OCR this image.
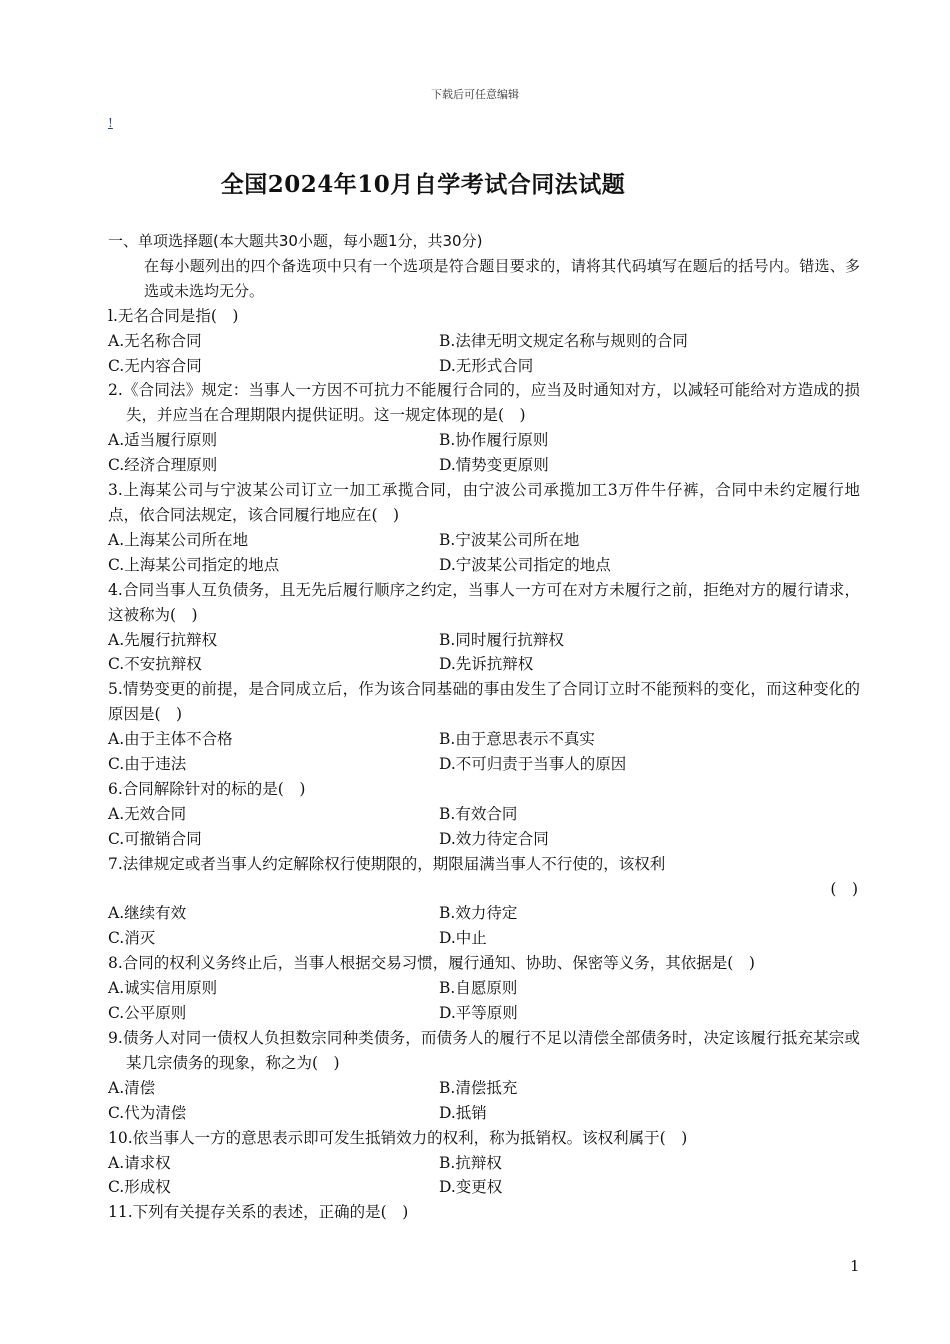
下载后可任意编辑
!
全国2024年10月自学考试合同法试题
一、单项选择题(本大题共30小题，每小题1分，共30分)
在每小题列出的四个备选项中只有一个选项是符合题目要求的，请将其代码填写在题后的括号内。错选、多选或未选均无分。
l.无名合同是指(　)
A.无名称合同	B.法律无明文规定名称与规则的合同
C.无内容合同	D.无形式合同
2.《合同法》规定：当事人一方因不可抗力不能履行合同的，应当及时通知对方，以减轻可能给对方造成的损失，并应当在合理期限内提供证明。这一规定体现的是(　)
A.适当履行原则	B.协作履行原则
C.经济合理原则	D.情势变更原则
3.上海某公司与宁波某公司订立一加工承揽合同，由宁波公司承揽加工3万件牛仔裤，合同中未约定履行地点，依合同法规定，该合同履行地应在(　)
A.上海某公司所在地	B.宁波某公司所在地
C.上海某公司指定的地点	D.宁波某公司指定的地点
4.合同当事人互负债务，且无先后履行顺序之约定，当事人一方可在对方未履行之前，拒绝对方的履行请求，这被称为(　)
A.先履行抗辩权	B.同时履行抗辩权
C.不安抗辩权	D.先诉抗辩权
5.情势变更的前提，是合同成立后，作为该合同基础的事由发生了合同订立时不能预料的变化，而这种变化的原因是(　)
A.由于主体不合格	B.由于意思表示不真实
C.由于违法	D.不可归责于当事人的原因
6.合同解除针对的标的是(　)
A.无效合同	B.有效合同
C.可撤销合同	D.效力待定合同
7.法律规定或者当事人约定解除权行使期限的，期限届满当事人不行使的，该权利
(　)
A.继续有效	B.效力待定
C.消灭	D.中止
8.合同的权利义务终止后，当事人根据交易习惯，履行通知、协助、保密等义务，其依据是(　)
A.诚实信用原则	B.自愿原则
C.公平原则	D.平等原则
9.债务人对同一债权人负担数宗同种类债务，而债务人的履行不足以清偿全部债务时，决定该履行抵充某宗或某几宗债务的现象，称之为(　)
A.清偿	B.清偿抵充
C.代为清偿	D.抵销
10.依当事人一方的意思表示即可发生抵销效力的权利，称为抵销权。该权利属于(　)
A.请求权	B.抗辩权
C.形成权	D.变更权
11.下列有关提存关系的表述，正确的是(　)
1
